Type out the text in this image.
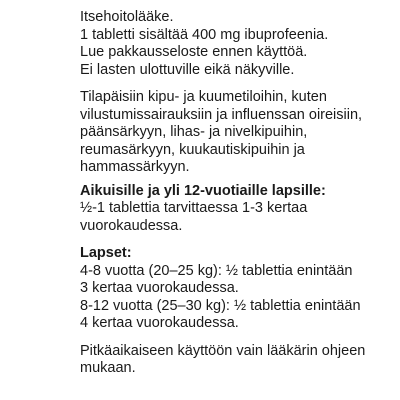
Itsehoitolääke.
1 tabletti sisältää 400 mg ibuprofeenia.
Lue pakkausseloste ennen käyttöä.
Ei lasten ulottuville eikä näkyville.
Tilapäisiin kipu- ja kuumetiloihin, kuten
vilustumissairauksiin ja influenssan oireisiin,
päänsärkyyn, lihas- ja nivelkipuihin,
reumasärkyyn, kuukautiskipuihin ja
hammassärkyyn.
Aikuisille ja yli 12-vuotiaille lapsille:
½-1 tablettia tarvittaessa 1-3 kertaa
vuorokaudessa.
Lapset:
4-8 vuotta (20–25 kg): ½ tablettia enintään
3 kertaa vuorokaudessa.
8-12 vuotta (25–30 kg): ½ tablettia enintään
4 kertaa vuorokaudessa.
Pitkäaikaiseen käyttöön vain lääkärin ohjeen
mukaan.
